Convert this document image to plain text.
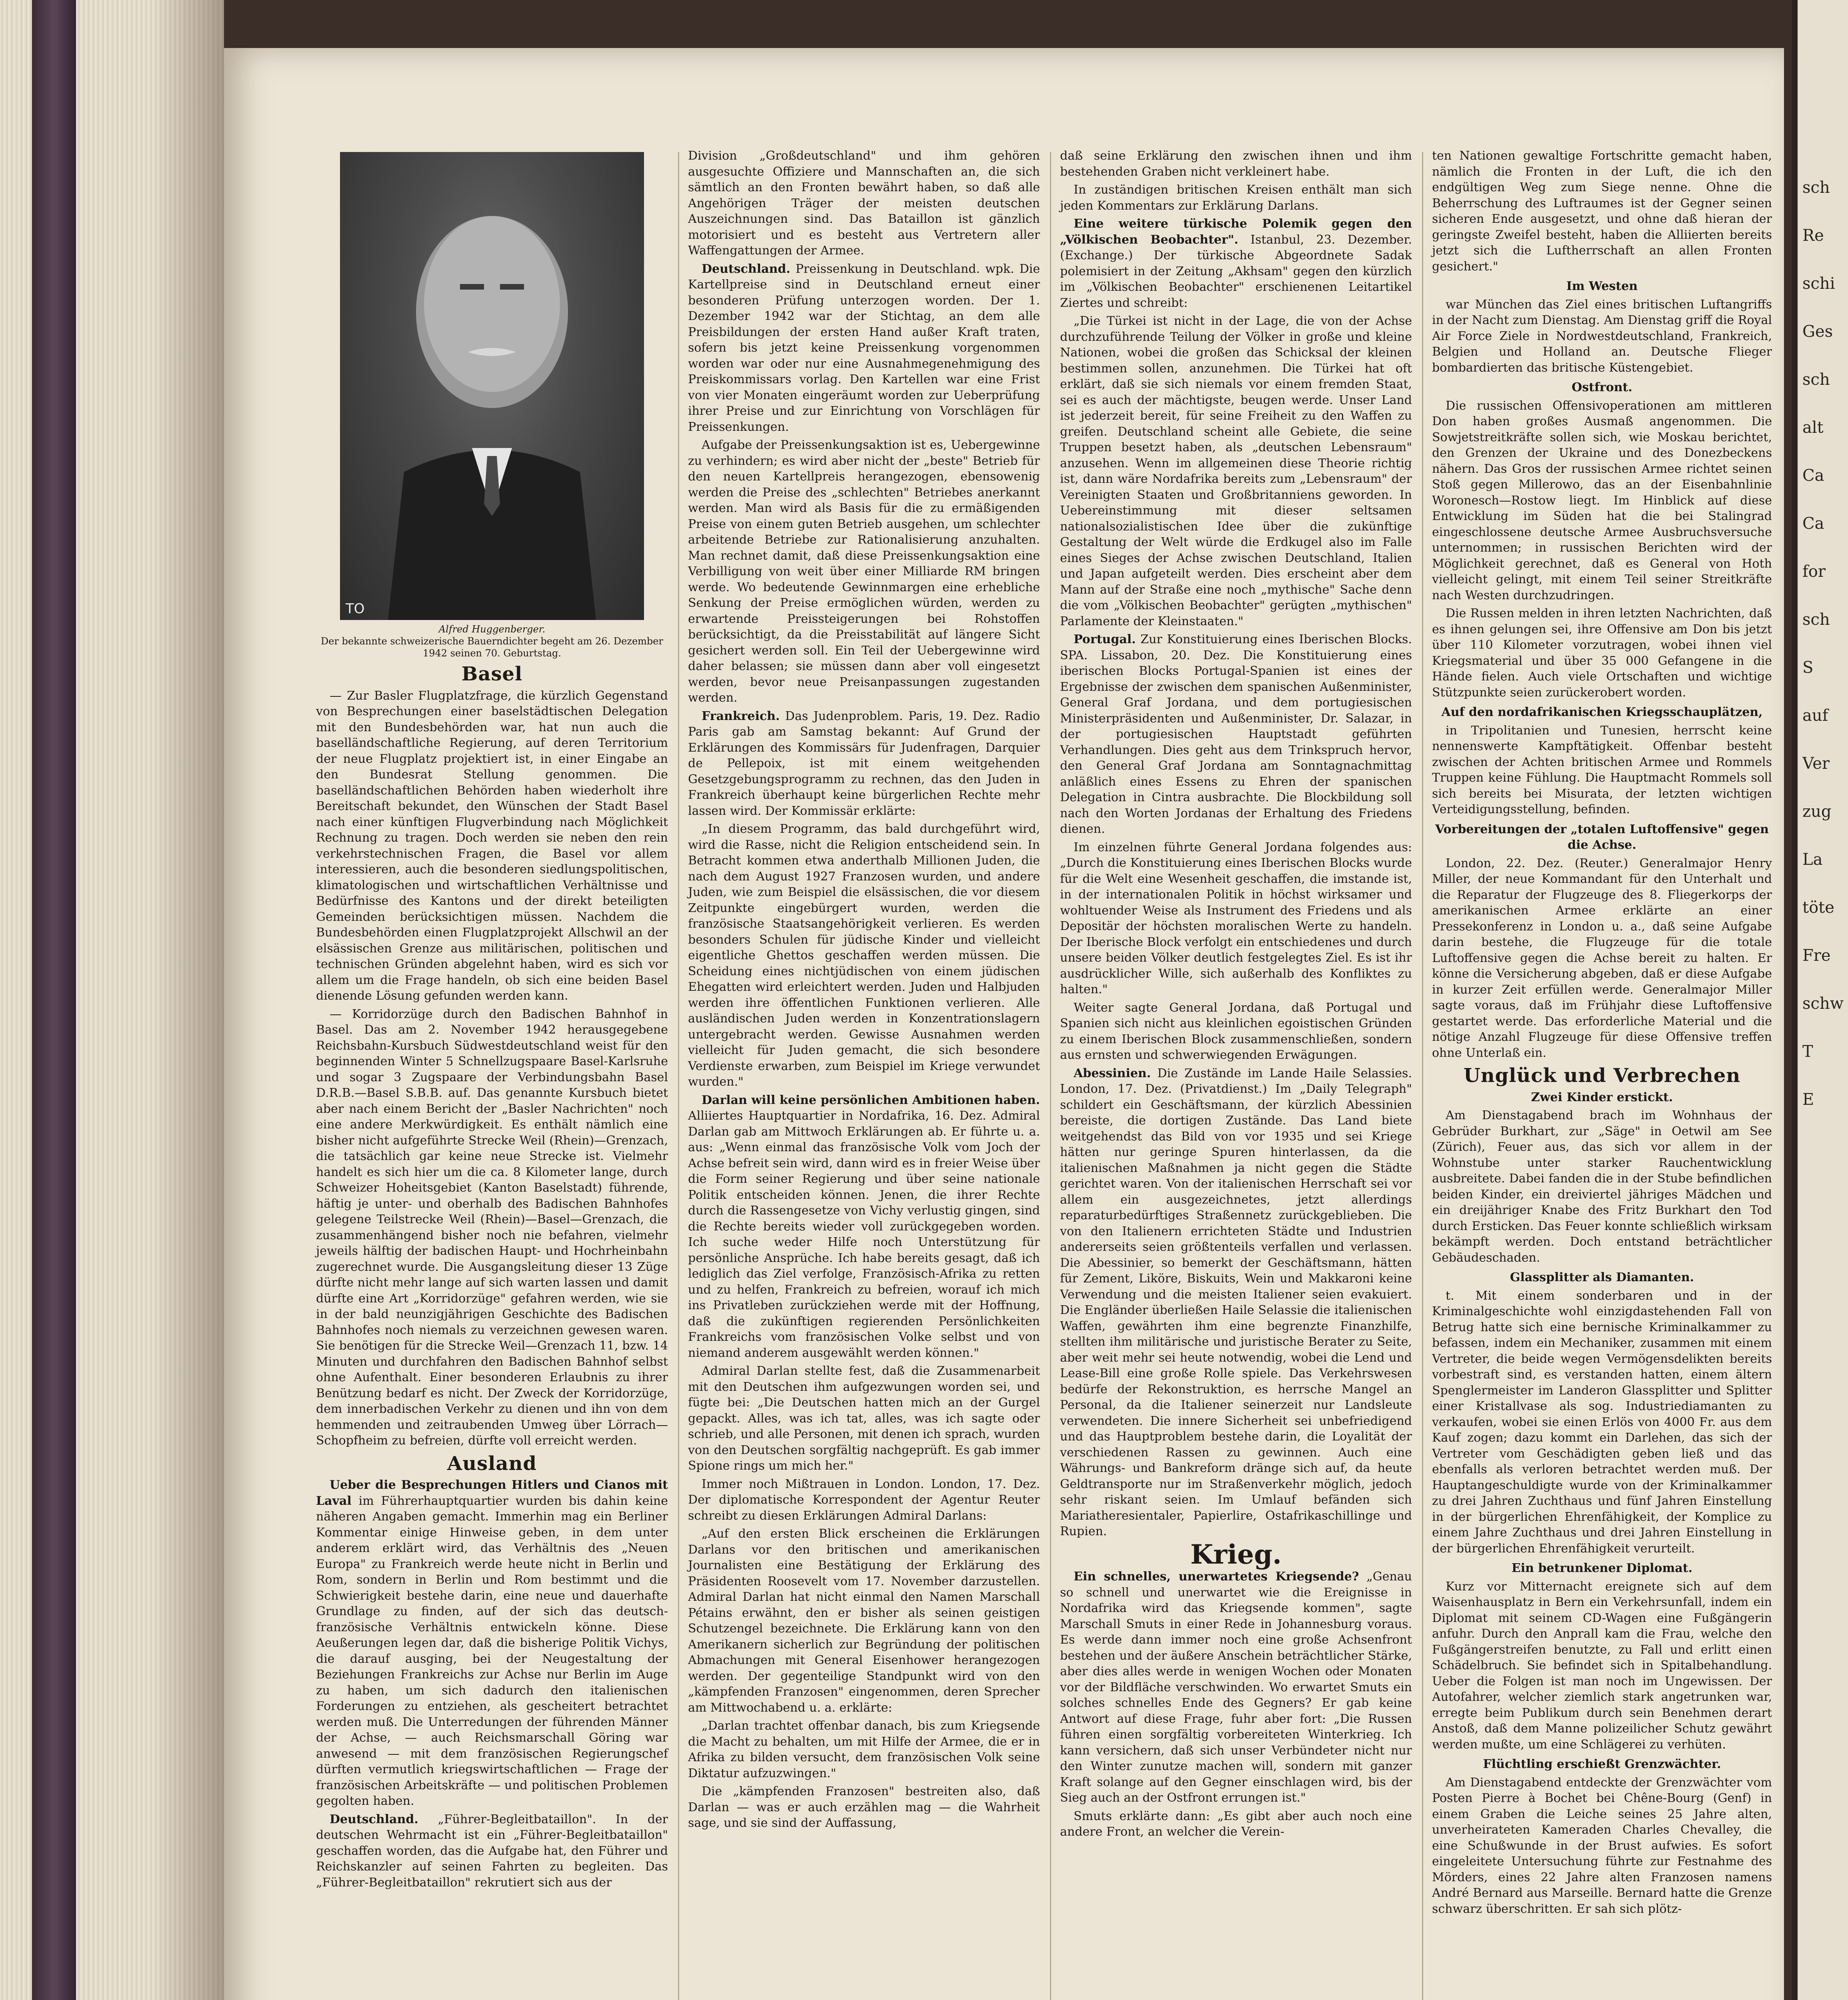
TO
Alfred Huggenberger.
Der bekannte schweizerische Bauerndichter begeht am 26. Dezember 1942 seinen 70. Geburtstag.
Basel

— Zur Basler Flugplatzfrage, die kürzlich Gegenstand von Besprechungen einer baselstädtischen Delegation mit den Bundesbehörden war, hat nun auch die baselländschaftliche Regierung, auf deren Territorium der neue Flugplatz projektiert ist, in einer Eingabe an den Bundesrat Stellung genommen. Die baselländschaftlichen Behörden haben wiederholt ihre Bereitschaft bekundet, den Wünschen der Stadt Basel nach einer künftigen Flugverbindung nach Möglichkeit Rechnung zu tragen. Doch werden sie neben den rein verkehrstechnischen Fragen, die Basel vor allem interessieren, auch die besonderen siedlungspolitischen, klimatologischen und wirtschaftlichen Verhältnisse und Bedürfnisse des Kantons und der direkt beteiligten Gemeinden berücksichtigen müssen. Nachdem die Bundesbehörden einen Flugplatzprojekt Allschwil an der elsässischen Grenze aus militärischen, politischen und technischen Gründen abgelehnt haben, wird es sich vor allem um die Frage handeln, ob sich eine beiden Basel dienende Lösung gefunden werden kann.

— Korridorzüge durch den Badischen Bahnhof in Basel. Das am 2. November 1942 herausgegebene Reichsbahn-Kursbuch Südwestdeutschland weist für den beginnenden Winter 5 Schnellzugspaare Basel-Karlsruhe und sogar 3 Zugspaare der Verbindungsbahn Basel D.R.B.—Basel S.B.B. auf. Das genannte Kursbuch bietet aber nach einem Bericht der „Basler Nachrichten" noch eine andere Merkwürdigkeit. Es enthält nämlich eine bisher nicht aufgeführte Strecke Weil (Rhein)—Grenzach, die tatsächlich gar keine neue Strecke ist. Vielmehr handelt es sich hier um die ca. 8 Kilometer lange, durch Schweizer Hoheitsgebiet (Kanton Baselstadt) führende, häftig je unter- und oberhalb des Badischen Bahnhofes gelegene Teilstrecke Weil (Rhein)—Basel—Grenzach, die zusammenhängend bisher noch nie befahren, vielmehr jeweils hälftig der badischen Haupt- und Hochrheinbahn zugerechnet wurde. Die Ausgangsleitung dieser 13 Züge dürfte nicht mehr lange auf sich warten lassen und damit dürfte eine Art „Korridorzüge" gefahren werden, wie sie in der bald neunzigjährigen Geschichte des Badischen Bahnhofes noch niemals zu verzeichnen gewesen waren. Sie benötigen für die Strecke Weil—Grenzach 11, bzw. 14 Minuten und durchfahren den Badischen Bahnhof selbst ohne Aufenthalt. Einer besonderen Erlaubnis zu ihrer Benützung bedarf es nicht. Der Zweck der Korridorzüge, dem innerbadischen Verkehr zu dienen und ihn von dem hemmenden und zeitraubenden Umweg über Lörrach—Schopfheim zu befreien, dürfte voll erreicht werden.

Ausland

Ueber die Besprechungen Hitlers und Cianos mit Laval im Führerhauptquartier wurden bis dahin keine näheren Angaben gemacht. Immerhin mag ein Berliner Kommentar einige Hinweise geben, in dem unter anderem erklärt wird, das Verhältnis des „Neuen Europa" zu Frankreich werde heute nicht in Berlin und Rom, sondern in Berlin und Rom bestimmt und die Schwierigkeit bestehe darin, eine neue und dauerhafte Grundlage zu finden, auf der sich das deutsch-französische Verhältnis entwickeln könne. Diese Aeußerungen legen dar, daß die bisherige Politik Vichys, die darauf ausging, bei der Neugestaltung der Beziehungen Frankreichs zur Achse nur Berlin im Auge zu haben, um sich dadurch den italienischen Forderungen zu entziehen, als gescheitert betrachtet werden muß. Die Unterredungen der führenden Männer der Achse, — auch Reichsmarschall Göring war anwesend — mit dem französischen Regierungschef dürften vermutlich kriegswirtschaftlichen — Frage der französischen Arbeitskräfte — und politischen Problemen gegolten haben.

Deutschland. „Führer-Begleitbataillon". In der deutschen Wehrmacht ist ein „Führer-Begleitbataillon" geschaffen worden, das die Aufgabe hat, den Führer und Reichskanzler auf seinen Fahrten zu begleiten. Das „Führer-Begleitbataillon" rekrutiert sich aus der

Division „Großdeutschland" und ihm gehören ausgesuchte Offiziere und Mannschaften an, die sich sämtlich an den Fronten bewährt haben, so daß alle Angehörigen Träger der meisten deutschen Auszeichnungen sind. Das Bataillon ist gänzlich motorisiert und es besteht aus Vertretern aller Waffengattungen der Armee.

Deutschland. Preissenkung in Deutschland. wpk. Die Kartellpreise sind in Deutschland erneut einer besonderen Prüfung unterzogen worden. Der 1. Dezember 1942 war der Stichtag, an dem alle Preisbildungen der ersten Hand außer Kraft traten, sofern bis jetzt keine Preissenkung vorgenommen worden war oder nur eine Ausnahmegenehmigung des Preiskommissars vorlag. Den Kartellen war eine Frist von vier Monaten eingeräumt worden zur Ueberprüfung ihrer Preise und zur Einrichtung von Vorschlägen für Preissenkungen.

Aufgabe der Preissenkungsaktion ist es, Uebergewinne zu verhindern; es wird aber nicht der „beste" Betrieb für den neuen Kartellpreis herangezogen, ebensowenig werden die Preise des „schlechten" Betriebes anerkannt werden. Man wird als Basis für die zu ermäßigenden Preise von einem guten Betrieb ausgehen, um schlechter arbeitende Betriebe zur Rationalisierung anzuhalten. Man rechnet damit, daß diese Preissenkungsaktion eine Verbilligung von weit über einer Milliarde RM bringen werde. Wo bedeutende Gewinnmargen eine erhebliche Senkung der Preise ermöglichen würden, werden zu erwartende Preissteigerungen bei Rohstoffen berücksichtigt, da die Preisstabilität auf längere Sicht gesichert werden soll. Ein Teil der Uebergewinne wird daher belassen; sie müssen dann aber voll eingesetzt werden, bevor neue Preisanpassungen zugestanden werden.

Frankreich. Das Judenproblem. Paris, 19. Dez. Radio Paris gab am Samstag bekannt: Auf Grund der Erklärungen des Kommissärs für Judenfragen, Darquier de Pellepoix, ist mit einem weitgehenden Gesetzgebungsprogramm zu rechnen, das den Juden in Frankreich überhaupt keine bürgerlichen Rechte mehr lassen wird. Der Kommissär erklärte:

„In diesem Programm, das bald durchgeführt wird, wird die Rasse, nicht die Religion entscheidend sein. In Betracht kommen etwa anderthalb Millionen Juden, die nach dem August 1927 Franzosen wurden, und andere Juden, wie zum Beispiel die elsässischen, die vor diesem Zeitpunkte eingebürgert wurden, werden die französische Staatsangehörigkeit verlieren. Es werden besonders Schulen für jüdische Kinder und vielleicht eigentliche Ghettos geschaffen werden müssen. Die Scheidung eines nichtjüdischen von einem jüdischen Ehegatten wird erleichtert werden. Juden und Halbjuden werden ihre öffentlichen Funktionen verlieren. Alle ausländischen Juden werden in Konzentrationslagern untergebracht werden. Gewisse Ausnahmen werden vielleicht für Juden gemacht, die sich besondere Verdienste erwarben, zum Beispiel im Kriege verwundet wurden."

Darlan will keine persönlichen Ambitionen haben. Alliiertes Hauptquartier in Nordafrika, 16. Dez. Admiral Darlan gab am Mittwoch Erklärungen ab. Er führte u. a. aus: „Wenn einmal das französische Volk vom Joch der Achse befreit sein wird, dann wird es in freier Weise über die Form seiner Regierung und über seine nationale Politik entscheiden können. Jenen, die ihrer Rechte durch die Rassengesetze von Vichy verlustig gingen, sind die Rechte bereits wieder voll zurückgegeben worden. Ich suche weder Hilfe noch Unterstützung für persönliche Ansprüche. Ich habe bereits gesagt, daß ich lediglich das Ziel verfolge, Französisch-Afrika zu retten und zu helfen, Frankreich zu befreien, worauf ich mich ins Privatleben zurückziehen werde mit der Hoffnung, daß die zukünftigen regierenden Persönlichkeiten Frankreichs vom französischen Volke selbst und von niemand anderem ausgewählt werden können."

Admiral Darlan stellte fest, daß die Zusammenarbeit mit den Deutschen ihm aufgezwungen worden sei, und fügte bei: „Die Deutschen hatten mich an der Gurgel gepackt. Alles, was ich tat, alles, was ich sagte oder schrieb, und alle Personen, mit denen ich sprach, wurden von den Deutschen sorgfältig nachgeprüft. Es gab immer Spione rings um mich her."

Immer noch Mißtrauen in London. London, 17. Dez. Der diplomatische Korrespondent der Agentur Reuter schreibt zu diesen Erklärungen Admiral Darlans:

„Auf den ersten Blick erscheinen die Erklärungen Darlans vor den britischen und amerikanischen Journalisten eine Bestätigung der Erklärung des Präsidenten Roosevelt vom 17. November darzustellen. Admiral Darlan hat nicht einmal den Namen Marschall Pétains erwähnt, den er bisher als seinen geistigen Schutzengel bezeichnete. Die Erklärung kann von den Amerikanern sicherlich zur Begründung der politischen Abmachungen mit General Eisenhower herangezogen werden. Der gegenteilige Standpunkt wird von den „kämpfenden Franzosen" eingenommen, deren Sprecher am Mittwochabend u. a. erklärte:

„Darlan trachtet offenbar danach, bis zum Kriegsende die Macht zu behalten, um mit Hilfe der Armee, die er in Afrika zu bilden versucht, dem französischen Volk seine Diktatur aufzuzwingen."

Die „kämpfenden Franzosen" bestreiten also, daß Darlan — was er auch erzählen mag — die Wahrheit sage, und sie sind der Auffassung,

daß seine Erklärung den zwischen ihnen und ihm bestehenden Graben nicht verkleinert habe.

In zuständigen britischen Kreisen enthält man sich jeden Kommentars zur Erklärung Darlans.

Eine weitere türkische Polemik gegen den „Völkischen Beobachter". Istanbul, 23. Dezember. (Exchange.) Der türkische Abgeordnete Sadak polemisiert in der Zeitung „Akhsam" gegen den kürzlich im „Völkischen Beobachter" erschienenen Leitartikel Ziertes und schreibt:

„Die Türkei ist nicht in der Lage, die von der Achse durchzuführende Teilung der Völker in große und kleine Nationen, wobei die großen das Schicksal der kleinen bestimmen sollen, anzunehmen. Die Türkei hat oft erklärt, daß sie sich niemals vor einem fremden Staat, sei es auch der mächtigste, beugen werde. Unser Land ist jederzeit bereit, für seine Freiheit zu den Waffen zu greifen. Deutschland scheint alle Gebiete, die seine Truppen besetzt haben, als „deutschen Lebensraum" anzusehen. Wenn im allgemeinen diese Theorie richtig ist, dann wäre Nordafrika bereits zum „Lebensraum" der Vereinigten Staaten und Großbritanniens geworden. In Uebereinstimmung mit dieser seltsamen nationalsozialistischen Idee über die zukünftige Gestaltung der Welt würde die Erdkugel also im Falle eines Sieges der Achse zwischen Deutschland, Italien und Japan aufgeteilt werden. Dies erscheint aber dem Mann auf der Straße eine noch „mythische" Sache denn die vom „Völkischen Beobachter" gerügten „mythischen" Parlamente der Kleinstaaten."

Portugal. Zur Konstituierung eines Iberischen Blocks. SPA. Lissabon, 20. Dez. Die Konstituierung eines iberischen Blocks Portugal-Spanien ist eines der Ergebnisse der zwischen dem spanischen Außenminister, General Graf Jordana, und dem portugiesischen Ministerpräsidenten und Außenminister, Dr. Salazar, in der portugiesischen Hauptstadt geführten Verhandlungen. Dies geht aus dem Trinkspruch hervor, den General Graf Jordana am Sonntagnachmittag anläßlich eines Essens zu Ehren der spanischen Delegation in Cintra ausbrachte. Die Blockbildung soll nach den Worten Jordanas der Erhaltung des Friedens dienen.

Im einzelnen führte General Jordana folgendes aus: „Durch die Konstituierung eines Iberischen Blocks wurde für die Welt eine Wesenheit geschaffen, die imstande ist, in der internationalen Politik in höchst wirksamer und wohltuender Weise als Instrument des Friedens und als Depositär der höchsten moralischen Werte zu handeln. Der Iberische Block verfolgt ein entschiedenes und durch unsere beiden Völker deutlich festgelegtes Ziel. Es ist ihr ausdrücklicher Wille, sich außerhalb des Konfliktes zu halten."

Weiter sagte General Jordana, daß Portugal und Spanien sich nicht aus kleinlichen egoistischen Gründen zu einem Iberischen Block zusammenschließen, sondern aus ernsten und schwerwiegenden Erwägungen.

Abessinien. Die Zustände im Lande Haile Selassies. London, 17. Dez. (Privatdienst.) Im „Daily Telegraph" schildert ein Geschäftsmann, der kürzlich Abessinien bereiste, die dortigen Zustände. Das Land biete weitgehendst das Bild von vor 1935 und sei Kriege hätten nur geringe Spuren hinterlassen, da die italienischen Maßnahmen ja nicht gegen die Städte gerichtet waren. Von der italienischen Herrschaft sei vor allem ein ausgezeichnetes, jetzt allerdings reparaturbedürftiges Straßennetz zurückgeblieben. Die von den Italienern errichteten Städte und Industrien andererseits seien größtenteils verfallen und verlassen. Die Abessinier, so bemerkt der Geschäftsmann, hätten für Zement, Liköre, Biskuits, Wein und Makkaroni keine Verwendung und die meisten Italiener seien evakuiert. Die Engländer überließen Haile Selassie die italienischen Waffen, gewährten ihm eine begrenzte Finanzhilfe, stellten ihm militärische und juristische Berater zu Seite, aber weit mehr sei heute notwendig, wobei die Lend und Lease-Bill eine große Rolle spiele. Das Verkehrswesen bedürfe der Rekonstruktion, es herrsche Mangel an Personal, da die Italiener seinerzeit nur Landsleute verwendeten. Die innere Sicherheit sei unbefriedigend und das Hauptproblem bestehe darin, die Loyalität der verschiedenen Rassen zu gewinnen. Auch eine Währungs- und Bankreform dränge sich auf, da heute Geldtransporte nur im Straßenverkehr möglich, jedoch sehr riskant seien. Im Umlauf befänden sich Mariatheresientaler, Papierlire, Ostafrikaschillinge und Rupien.

Krieg.

Ein schnelles, unerwartetes Kriegsende? „Genau so schnell und unerwartet wie die Ereignisse in Nordafrika wird das Kriegsende kommen", sagte Marschall Smuts in einer Rede in Johannesburg voraus. Es werde dann immer noch eine große Achsenfront bestehen und der äußere Anschein beträchtlicher Stärke, aber dies alles werde in wenigen Wochen oder Monaten vor der Bildfläche verschwinden. Wo erwartet Smuts ein solches schnelles Ende des Gegners? Er gab keine Antwort auf diese Frage, fuhr aber fort: „Die Russen führen einen sorgfältig vorbereiteten Winterkrieg. Ich kann versichern, daß sich unser Verbündeter nicht nur den Winter zunutze machen will, sondern mit ganzer Kraft solange auf den Gegner einschlagen wird, bis der Sieg auch an der Ostfront errungen ist."

Smuts erklärte dann: „Es gibt aber auch noch eine andere Front, an welcher die Verein-

ten Nationen gewaltige Fortschritte gemacht haben, nämlich die Fronten in der Luft, die ich den endgültigen Weg zum Siege nenne. Ohne die Beherrschung des Luftraumes ist der Gegner seinen sicheren Ende ausgesetzt, und ohne daß hieran der geringste Zweifel besteht, haben die Alliierten bereits jetzt sich die Luftherrschaft an allen Fronten gesichert."

Im Westen

war München das Ziel eines britischen Luftangriffs in der Nacht zum Dienstag. Am Dienstag griff die Royal Air Force Ziele in Nordwestdeutschland, Frankreich, Belgien und Holland an. Deutsche Flieger bombardierten das britische Küstengebiet.

Ostfront.

Die russischen Offensivoperationen am mittleren Don haben großes Ausmaß angenommen. Die Sowjetstreitkräfte sollen sich, wie Moskau berichtet, den Grenzen der Ukraine und des Donezbeckens nähern. Das Gros der russischen Armee richtet seinen Stoß gegen Millerowo, das an der Eisenbahnlinie Woronesch—Rostow liegt. Im Hinblick auf diese Entwicklung im Süden hat die bei Stalingrad eingeschlossene deutsche Armee Ausbruchsversuche unternommen; in russischen Berichten wird der Möglichkeit gerechnet, daß es General von Hoth vielleicht gelingt, mit einem Teil seiner Streitkräfte nach Westen durchzudringen.

Die Russen melden in ihren letzten Nachrichten, daß es ihnen gelungen sei, ihre Offensive am Don bis jetzt über 110 Kilometer vorzutragen, wobei ihnen viel Kriegsmaterial und über 35 000 Gefangene in die Hände fielen. Auch viele Ortschaften und wichtige Stützpunkte seien zurückerobert worden.

Auf den nordafrikanischen Kriegsschauplätzen,

in Tripolitanien und Tunesien, herrscht keine nennenswerte Kampftätigkeit. Offenbar besteht zwischen der Achten britischen Armee und Rommels Truppen keine Fühlung. Die Hauptmacht Rommels soll sich bereits bei Misurata, der letzten wichtigen Verteidigungsstellung, befinden.

Vorbereitungen der „totalen Luftoffensive" gegen die Achse.

London, 22. Dez. (Reuter.) Generalmajor Henry Miller, der neue Kommandant für den Unterhalt und die Reparatur der Flugzeuge des 8. Fliegerkorps der amerikanischen Armee erklärte an einer Pressekonferenz in London u. a., daß seine Aufgabe darin bestehe, die Flugzeuge für die totale Luftoffensive gegen die Achse bereit zu halten. Er könne die Versicherung abgeben, daß er diese Aufgabe in kurzer Zeit erfüllen werde. Generalmajor Miller sagte voraus, daß im Frühjahr diese Luftoffensive gestartet werde. Das erforderliche Material und die nötige Anzahl Flugzeuge für diese Offensive treffen ohne Unterlaß ein.

Unglück und Verbrechen
Zwei Kinder erstickt.

Am Dienstagabend brach im Wohnhaus der Gebrüder Burkhart, zur „Säge" in Oetwil am See (Zürich), Feuer aus, das sich vor allem in der Wohnstube unter starker Rauchentwicklung ausbreitete. Dabei fanden die in der Stube befindlichen beiden Kinder, ein dreiviertel jähriges Mädchen und ein dreijähriger Knabe des Fritz Burkhart den Tod durch Ersticken. Das Feuer konnte schließlich wirksam bekämpft werden. Doch entstand beträchtlicher Gebäudeschaden.

Glassplitter als Diamanten.

t. Mit einem sonderbaren und in der Kriminalgeschichte wohl einzigdastehenden Fall von Betrug hatte sich eine bernische Kriminalkammer zu befassen, indem ein Mechaniker, zusammen mit einem Vertreter, die beide wegen Vermögensdelikten bereits vorbestraft sind, es verstanden hatten, einem ältern Spenglermeister im Landeron Glassplitter und Splitter einer Kristallvase als sog. Industriediamanten zu verkaufen, wobei sie einen Erlös von 4000 Fr. aus dem Kauf zogen; dazu kommt ein Darlehen, das sich der Vertreter vom Geschädigten geben ließ und das ebenfalls als verloren betrachtet werden muß. Der Hauptangeschuldigte wurde von der Kriminalkammer zu drei Jahren Zuchthaus und fünf Jahren Einstellung in der bürgerlichen Ehrenfähigkeit, der Komplice zu einem Jahre Zuchthaus und drei Jahren Einstellung in der bürgerlichen Ehrenfähigkeit verurteilt.

Ein betrunkener Diplomat.

Kurz vor Mitternacht ereignete sich auf dem Waisenhausplatz in Bern ein Verkehrsunfall, indem ein Diplomat mit seinem CD-Wagen eine Fußgängerin anfuhr. Durch den Anprall kam die Frau, welche den Fußgängerstreifen benutzte, zu Fall und erlitt einen Schädelbruch. Sie befindet sich in Spitalbehandlung. Ueber die Folgen ist man noch im Ungewissen. Der Autofahrer, welcher ziemlich stark angetrunken war, erregte beim Publikum durch sein Benehmen derart Anstoß, daß dem Manne polizeilicher Schutz gewährt werden mußte, um eine Schlägerei zu verhüten.

Flüchtling erschießt Grenzwächter.

Am Dienstagabend entdeckte der Grenzwächter vom Posten Pierre à Bochet bei Chêne-Bourg (Genf) in einem Graben die Leiche seines 25 Jahre alten, unverheirateten Kameraden Charles Chevalley, die eine Schußwunde in der Brust aufwies. Es sofort eingeleitete Untersuchung führte zur Festnahme des Mörders, eines 22 Jahre alten Franzosen namens André Bernard aus Marseille. Bernard hatte die Grenze schwarz überschritten. Er sah sich plötz-

sch
Re
schi
Ges
sch
alt
Ca
Ca
for
sch
S
auf
Ver
zug
La
töte
Fre
schw
T
E
